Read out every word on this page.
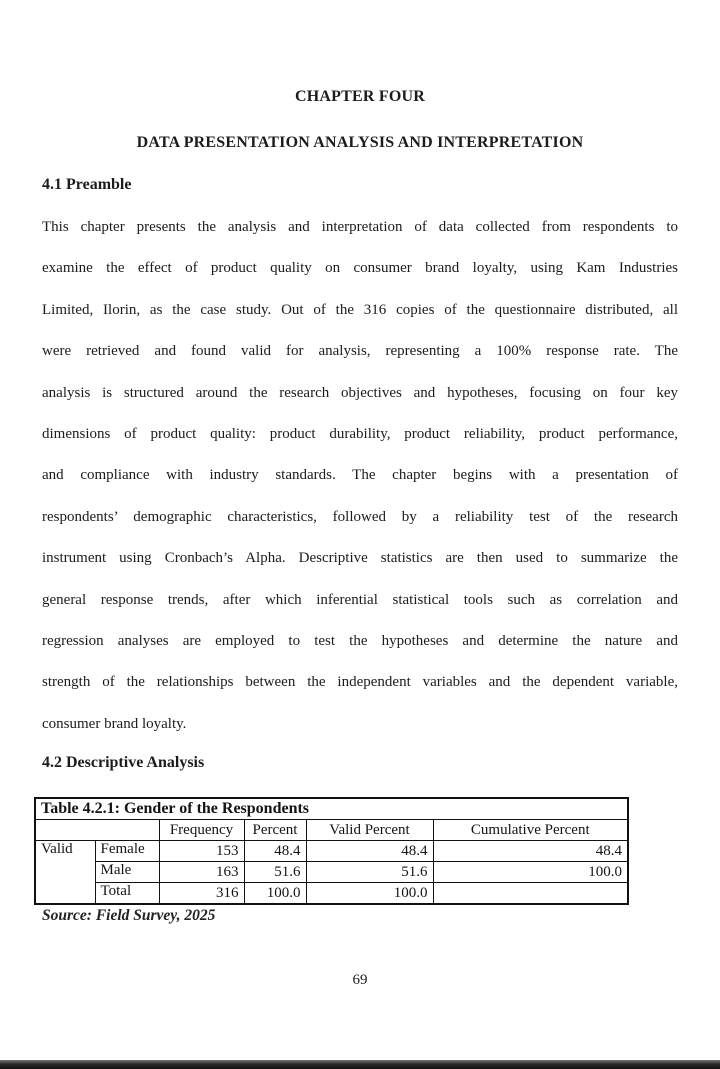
CHAPTER FOUR
DATA PRESENTATION ANALYSIS AND INTERPRETATION
4.1 Preamble
This chapter presents the analysis and interpretation of data collected from respondents to
examine the effect of product quality on consumer brand loyalty, using Kam Industries
Limited, Ilorin, as the case study. Out of the 316 copies of the questionnaire distributed, all
were retrieved and found valid for analysis, representing a 100% response rate. The
analysis is structured around the research objectives and hypotheses, focusing on four key
dimensions of product quality: product durability, product reliability, product performance,
and compliance with industry standards. The chapter begins with a presentation of
respondents’ demographic characteristics, followed by a reliability test of the research
instrument using Cronbach’s Alpha. Descriptive statistics are then used to summarize the
general response trends, after which inferential statistical tools such as correlation and
regression analyses are employed to test the hypotheses and determine the nature and
strength of the relationships between the independent variables and the dependent variable,
consumer brand loyalty.
4.2 Descriptive Analysis
Table 4.2.1: Gender of the Respondents					
		Frequency	Percent	Valid Percent	Cumulative Percent
Valid	Female	153	48.4	48.4	48.4
	Male	163	51.6	51.6	100.0
	Total	316	100.0	100.0	
Source: Field Survey, 2025
69
